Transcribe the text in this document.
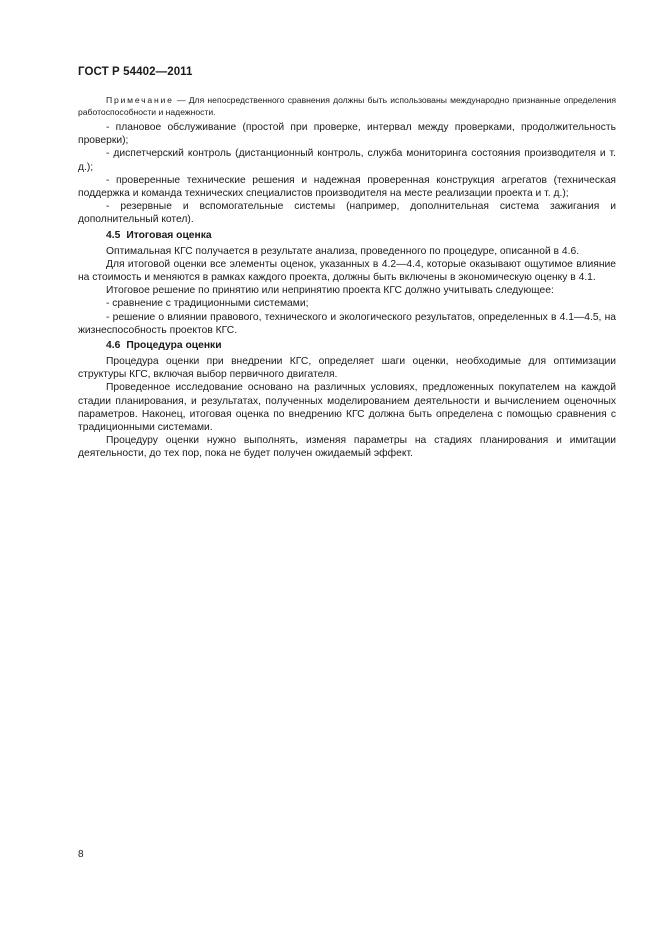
ГОСТ Р 54402—2011

Примечание — Для непосредственного сравнения должны быть использованы международно признанные определения работоспособности и надежности.

- плановое обслуживание (простой при проверке, интервал между проверками, продолжительность проверки);

- диспетчерский контроль (дистанционный контроль, служба мониторинга состояния производителя и т. д.);

- проверенные технические решения и надежная проверенная конструкция агрегатов (техническая поддержка и команда технических специалистов производителя на месте реализации проекта и т. д.);

- резервные и вспомогательные системы (например, дополнительная система зажигания и дополнительный котел).

4.5 Итоговая оценка

Оптимальная КГС получается в результате анализа, проведенного по процедуре, описанной в 4.6.

Для итоговой оценки все элементы оценок, указанных в 4.2—4.4, которые оказывают ощутимое влияние на стоимость и меняются в рамках каждого проекта, должны быть включены в экономическую оценку в 4.1.

Итоговое решение по принятию или непринятию проекта КГС должно учитывать следующее:

- сравнение с традиционными системами;

- решение о влиянии правового, технического и экологического результатов, определенных в 4.1—4.5, на жизнеспособность проектов КГС.

4.6 Процедура оценки

Процедура оценки при внедрении КГС, определяет шаги оценки, необходимые для оптимизации структуры КГС, включая выбор первичного двигателя.

Проведенное исследование основано на различных условиях, предложенных покупателем на каждой стадии планирования, и результатах, полученных моделированием деятельности и вычислением оценочных параметров. Наконец, итоговая оценка по внедрению КГС должна быть определена с помощью сравнения с традиционными системами.

Процедуру оценки нужно выполнять, изменяя параметры на стадиях планирования и имитации деятельности, до тех пор, пока не будет получен ожидаемый эффект.

8
